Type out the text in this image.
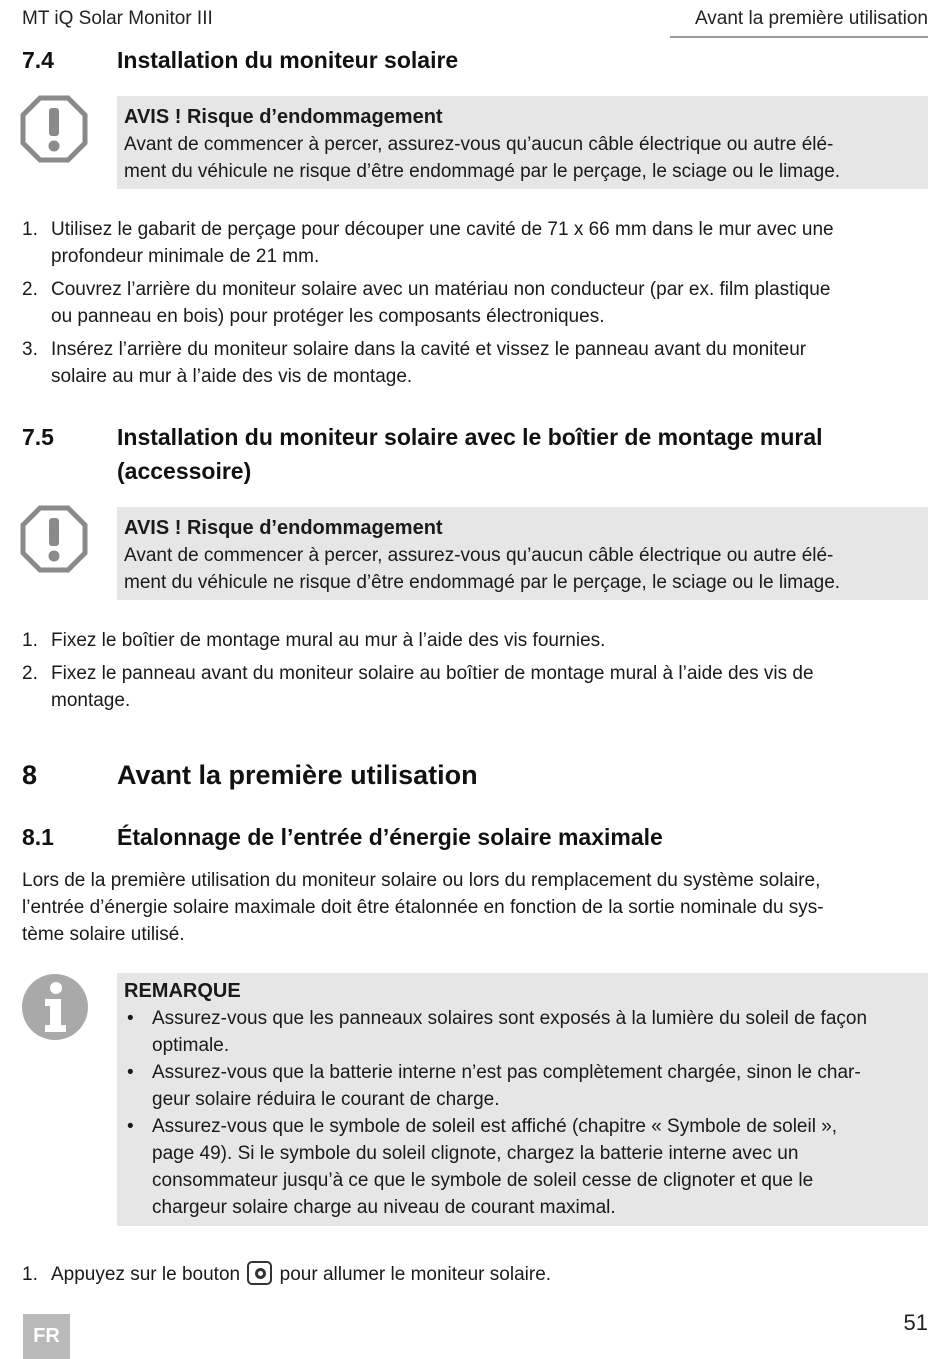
MT iQ Solar Monitor III	Avant la première utilisation
7.4	Installation du moniteur solaire
AVIS ! Risque d’endommagement
Avant de commencer à percer, assurez-vous qu’aucun câble électrique ou autre élé-
ment du véhicule ne risque d’être endommagé par le perçage, le sciage ou le limage.
1. Utilisez le gabarit de perçage pour découper une cavité de 71 x 66 mm dans le mur avec une
profondeur minimale de 21 mm.
2. Couvrez l’arrière du moniteur solaire avec un matériau non conducteur (par ex. film plastique
ou panneau en bois) pour protéger les composants électroniques.
3. Insérez l’arrière du moniteur solaire dans la cavité et vissez le panneau avant du moniteur
solaire au mur à l’aide des vis de montage.
7.5	Installation du moniteur solaire avec le boîtier de montage mural
(accessoire)
AVIS ! Risque d’endommagement
Avant de commencer à percer, assurez-vous qu’aucun câble électrique ou autre élé-
ment du véhicule ne risque d’être endommagé par le perçage, le sciage ou le limage.
1. Fixez le boîtier de montage mural au mur à l’aide des vis fournies.
2. Fixez le panneau avant du moniteur solaire au boîtier de montage mural à l’aide des vis de
montage.
8	Avant la première utilisation
8.1	Étalonnage de l’entrée d’énergie solaire maximale
Lors de la première utilisation du moniteur solaire ou lors du remplacement du système solaire,
l’entrée d’énergie solaire maximale doit être étalonnée en fonction de la sortie nominale du sys-
tème solaire utilisé.
REMARQUE
• Assurez-vous que les panneaux solaires sont exposés à la lumière du soleil de façon
optimale.
• Assurez-vous que la batterie interne n’est pas complètement chargée, sinon le char-
geur solaire réduira le courant de charge.
• Assurez-vous que le symbole de soleil est affiché (chapitre « Symbole de soleil »,
page 49). Si le symbole du soleil clignote, chargez la batterie interne avec un
consommateur jusqu’à ce que le symbole de soleil cesse de clignoter et que le
chargeur solaire charge au niveau de courant maximal.
1. Appuyez sur le bouton pour allumer le moniteur solaire.
FR
51
